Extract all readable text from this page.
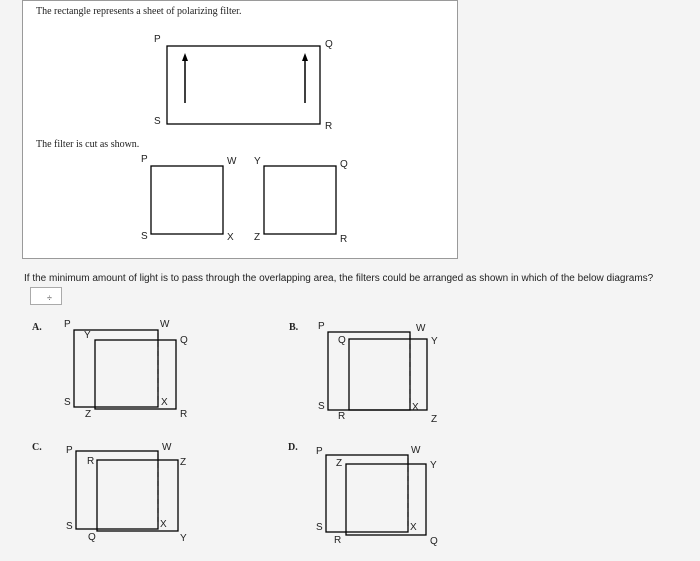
The rectangle represents a sheet of polarizing filter.
The filter is cut as shown.
P	Q
R
S
P	W Y	Q
S	X Z	R
If the minimum amount of light is to pass through the overlapping area, the filters could be arranged as shown in which of the below diagrams?
÷
A. P
Y
W
Q
S	X
Z	R
B. P	W
Q	Y
S	X
R	Z
C. P	W
R	Z
S	X
Q	Y
D. P	W
Z	Y
S	X
R	Q
